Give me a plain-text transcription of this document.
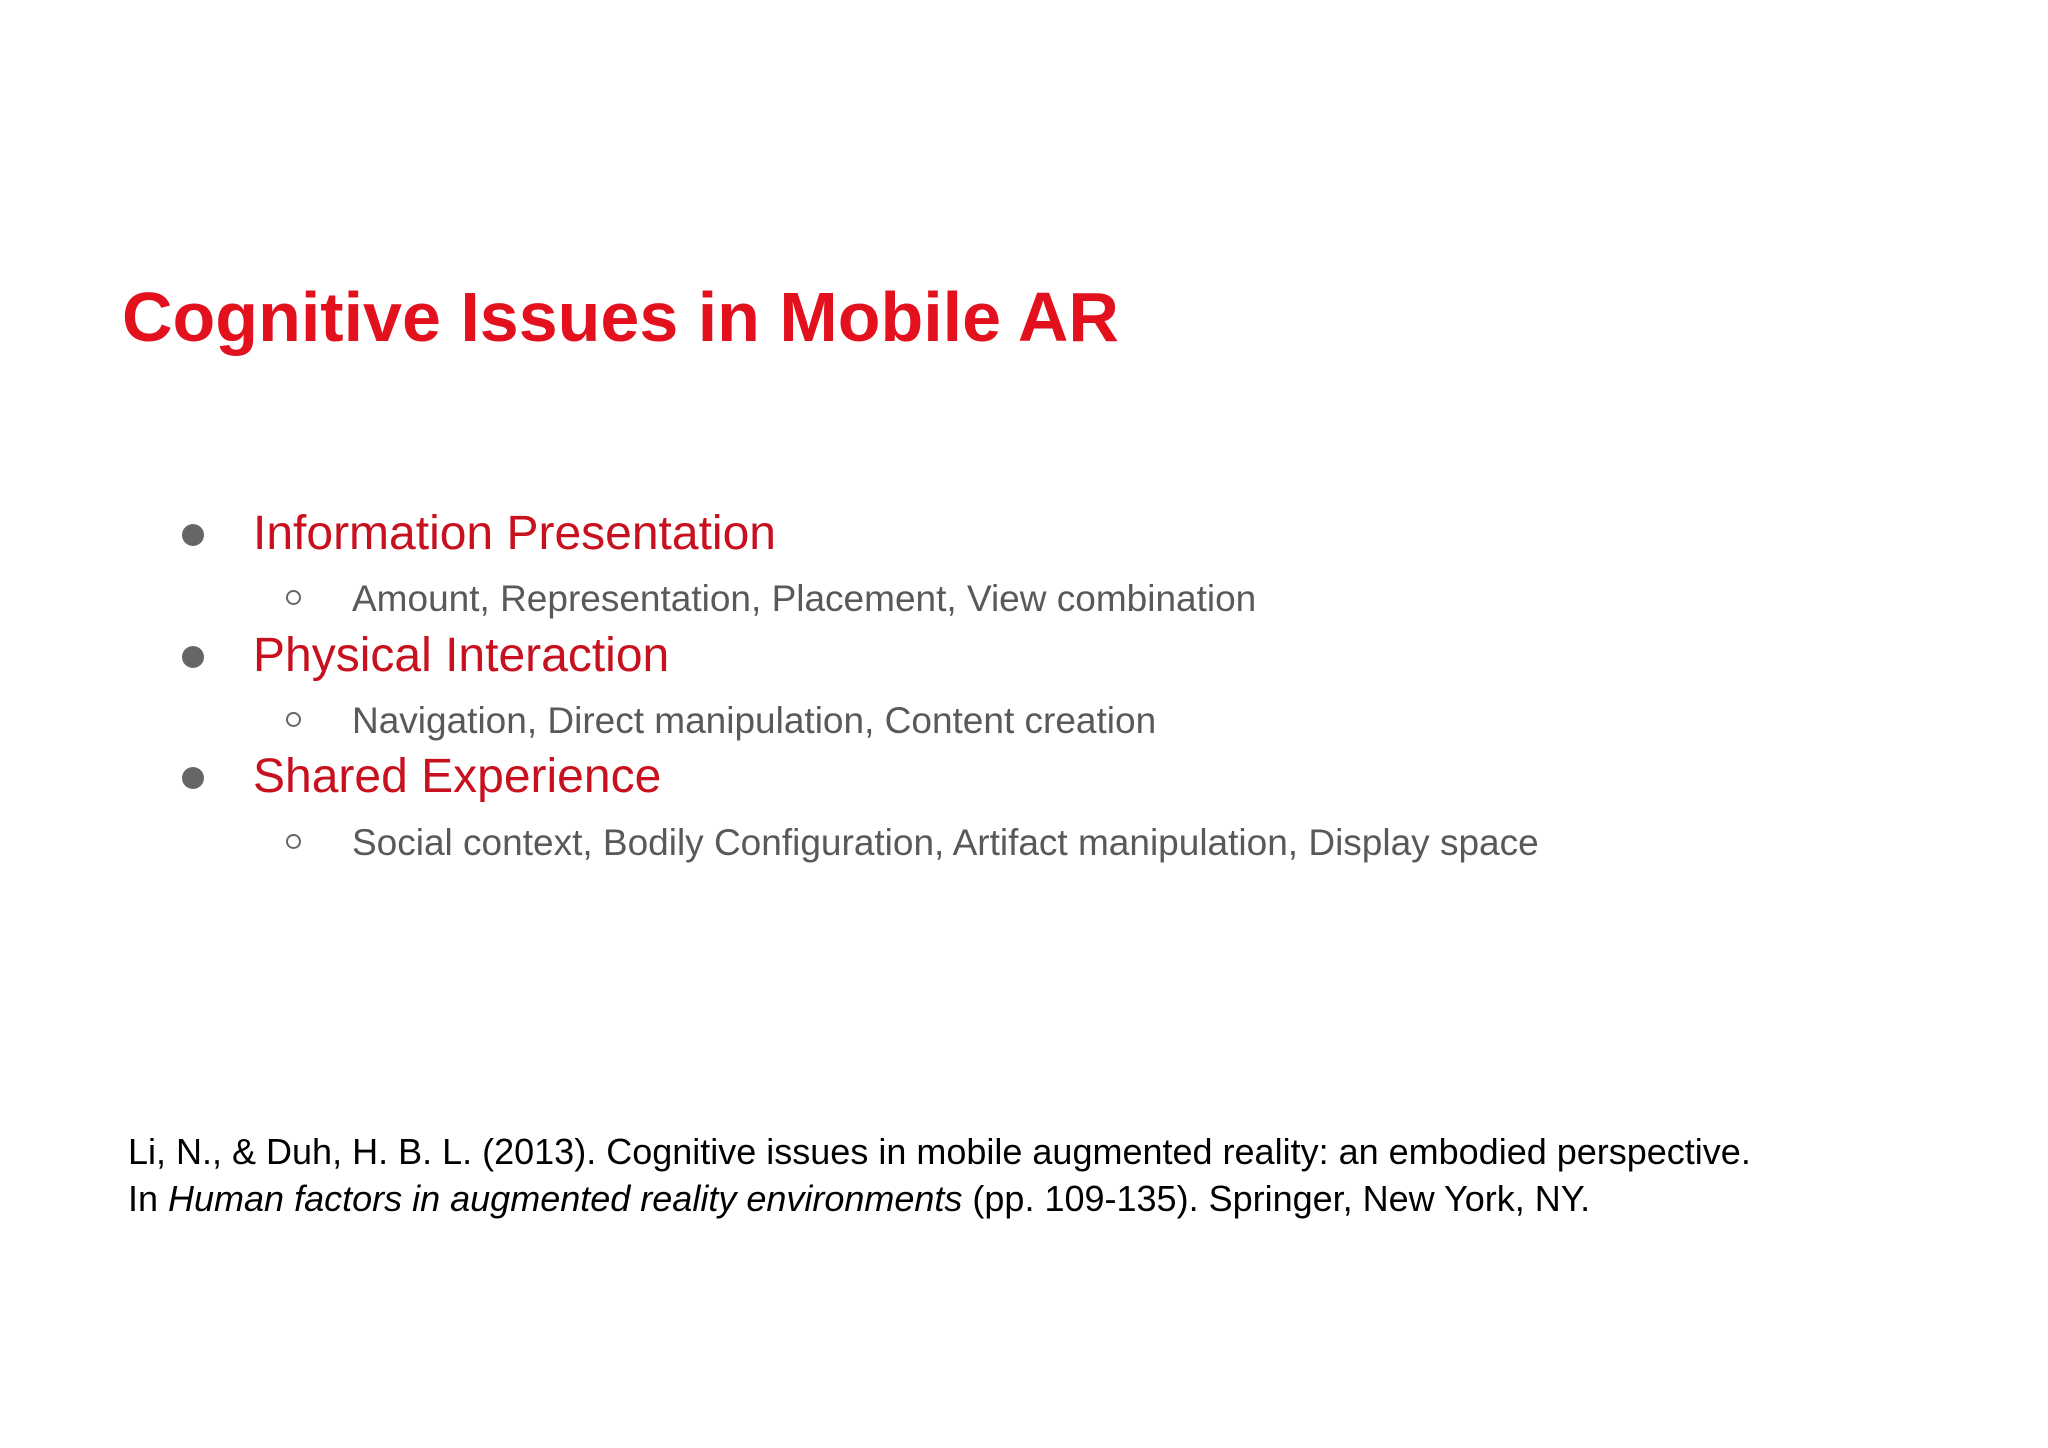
Cognitive Issues in Mobile AR
Information Presentation
Amount, Representation, Placement, View combination
Physical Interaction
Navigation, Direct manipulation, Content creation
Shared Experience
Social context, Bodily Configuration, Artifact manipulation, Display space
Li, N., & Duh, H. B. L. (2013). Cognitive issues in mobile augmented reality: an embodied perspective.
In Human factors in augmented reality environments (pp. 109-135). Springer, New York, NY.
